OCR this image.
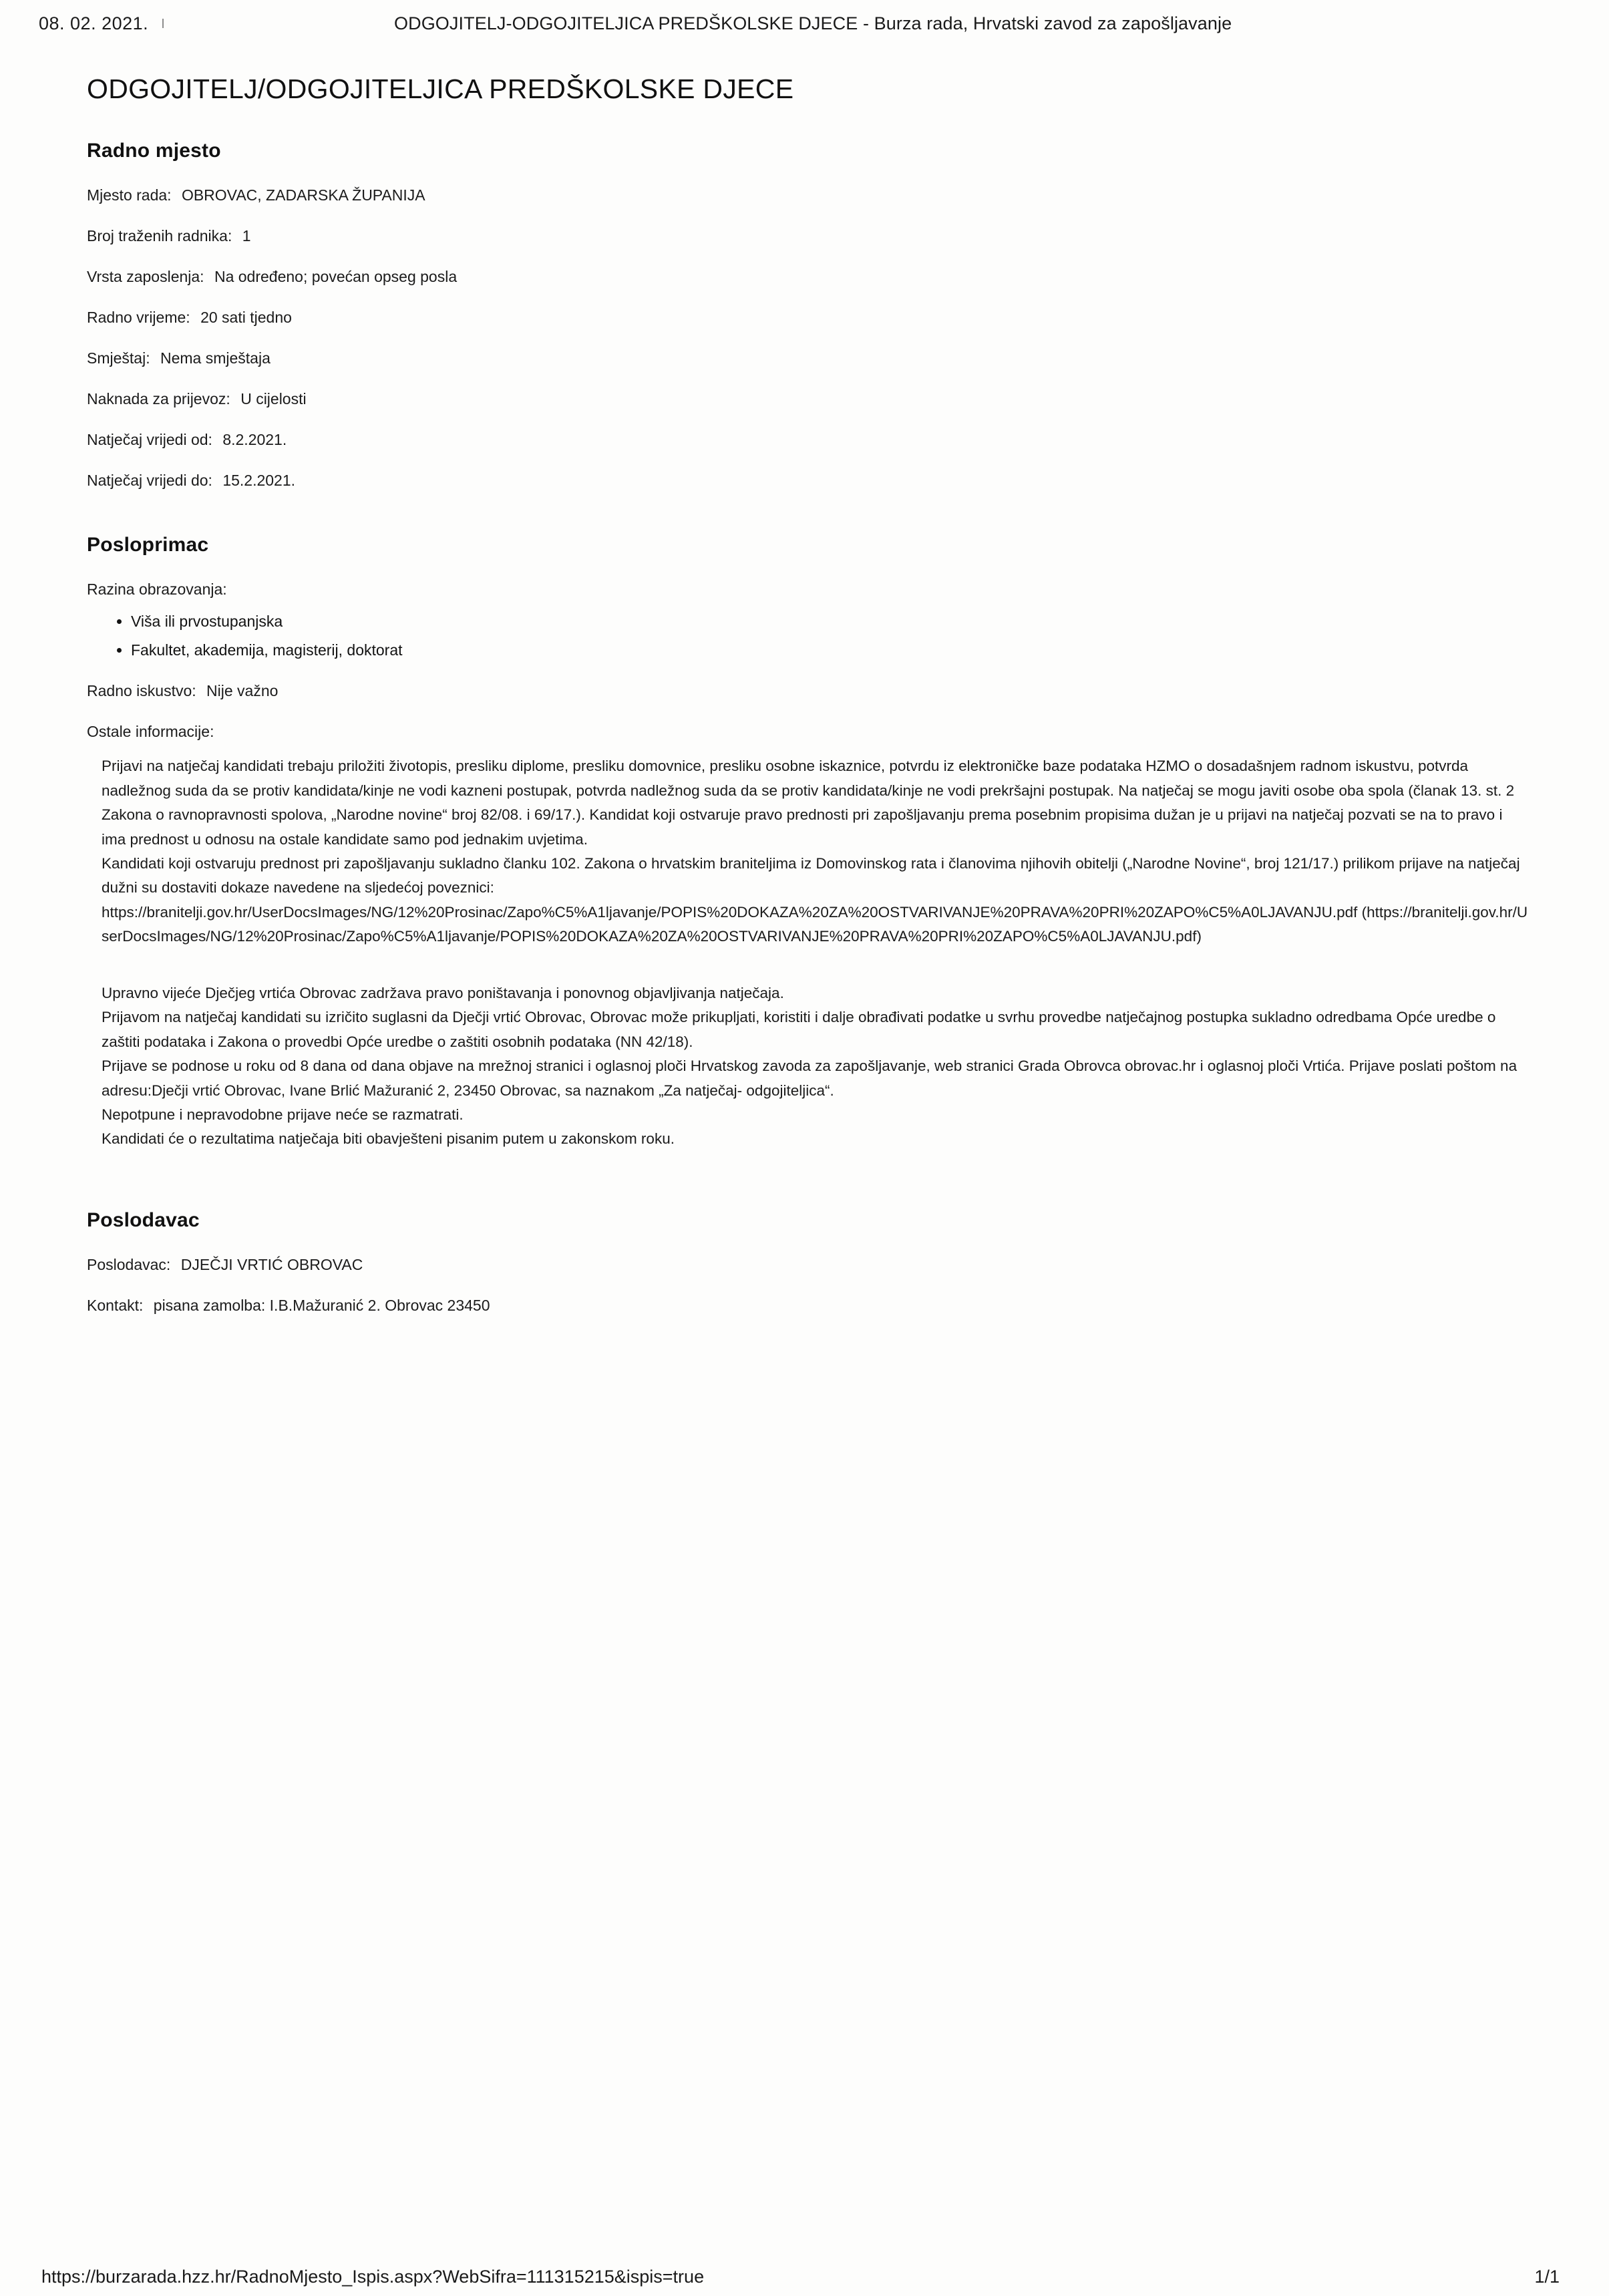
08. 02. 2021.	ODGOJITELJ-ODGOJITELJICA PREDŠKOLSKE DJECE - Burza rada, Hrvatski zavod za zapošljavanje
ODGOJITELJ/ODGOJITELJICA PREDŠKOLSKE DJECE
Radno mjesto

Mjesto rada: OBROVAC, ZADARSKA ŽUPANIJA

Broj traženih radnika: 1

Vrsta zaposlenja: Na određeno; povećan opseg posla

Radno vrijeme: 20 sati tjedno

Smještaj: Nema smještaja

Naknada za prijevoz: U cijelosti

Natječaj vrijedi od: 8.2.2021.

Natječaj vrijedi do: 15.2.2021.

Posloprimac

Razina obrazovanja:

• Viša ili prvostupanjska
• Fakultet, akademija, magisterij, doktorat

Radno iskustvo: Nije važno

Ostale informacije:

Prijavi na natječaj kandidati trebaju priložiti životopis, presliku diplome, presliku domovnice, presliku osobne iskaznice, potvrdu iz elektroničke baze podataka HZMO o dosadašnjem radnom iskustvu, potvrda nadležnog suda da se protiv kandidata/kinje ne vodi kazneni postupak, potvrda nadležnog suda da se protiv kandidata/kinje ne vodi prekršajni postupak. Na natječaj se mogu javiti osobe oba spola (članak 13. st. 2 Zakona o ravnopravnosti spolova, „Narodne novine“ broj 82/08. i 69/17.). Kandidat koji ostvaruje pravo prednosti pri zapošljavanju prema posebnim propisima dužan je u prijavi na natječaj pozvati se na to pravo i ima prednost u odnosu na ostale kandidate samo pod jednakim uvjetima.

Kandidati koji ostvaruju prednost pri zapošljavanju sukladno članku 102. Zakona o hrvatskim braniteljima iz Domovinskog rata i članovima njihovih obitelji („Narodne Novine“, broj 121/17.) prilikom prijave na natječaj dužni su dostaviti dokaze navedene na sljedećoj poveznici:

https://branitelji.gov.hr/UserDocsImages/NG/12%20Prosinac/Zapo%C5%A1ljavanje/POPIS%20DOKAZA%20ZA%20OSTVARIVANJE%20PRAVA%20PRI%20ZAPO%C5%A0LJAVANJU.pdf (https://branitelji.gov.hr/UserDocsImages/NG/12%20Prosinac/Zapo%C5%A1ljavanje/POPIS%20DOKAZA%20ZA%20OSTVARIVANJE%20PRAVA%20PRI%20ZAPO%C5%A0LJAVANJU.pdf)

Upravno vijeće Dječjeg vrtića Obrovac zadržava pravo poništavanja i ponovnog objavljivanja natječaja.

Prijavom na natječaj kandidati su izričito suglasni da Dječji vrtić Obrovac, Obrovac može prikupljati, koristiti i dalje obrađivati podatke u svrhu provedbe natječajnog postupka sukladno odredbama Opće uredbe o zaštiti podataka i Zakona o provedbi Opće uredbe o zaštiti osobnih podataka (NN 42/18).

Prijave se podnose u roku od 8 dana od dana objave na mrežnoj stranici i oglasnoj ploči Hrvatskog zavoda za zapošljavanje, web stranici Grada Obrovca obrovac.hr i oglasnoj ploči Vrtića. Prijave poslati poštom na adresu:Dječji vrtić Obrovac, Ivane Brlić Mažuranić 2, 23450 Obrovac, sa naznakom „Za natječaj- odgojiteljica“.

Nepotpune i nepravodobne prijave neće se razmatrati.

Kandidati će o rezultatima natječaja biti obavješteni pisanim putem u zakonskom roku.

Poslodavac

Poslodavac: DJEČJI VRTIĆ OBROVAC

Kontakt: pisana zamolba: I.B.Mažuranić 2. Obrovac 23450

https://burzarada.hzz.hr/RadnoMjesto_Ispis.aspx?WebSifra=111315215&ispis=true	1/1
